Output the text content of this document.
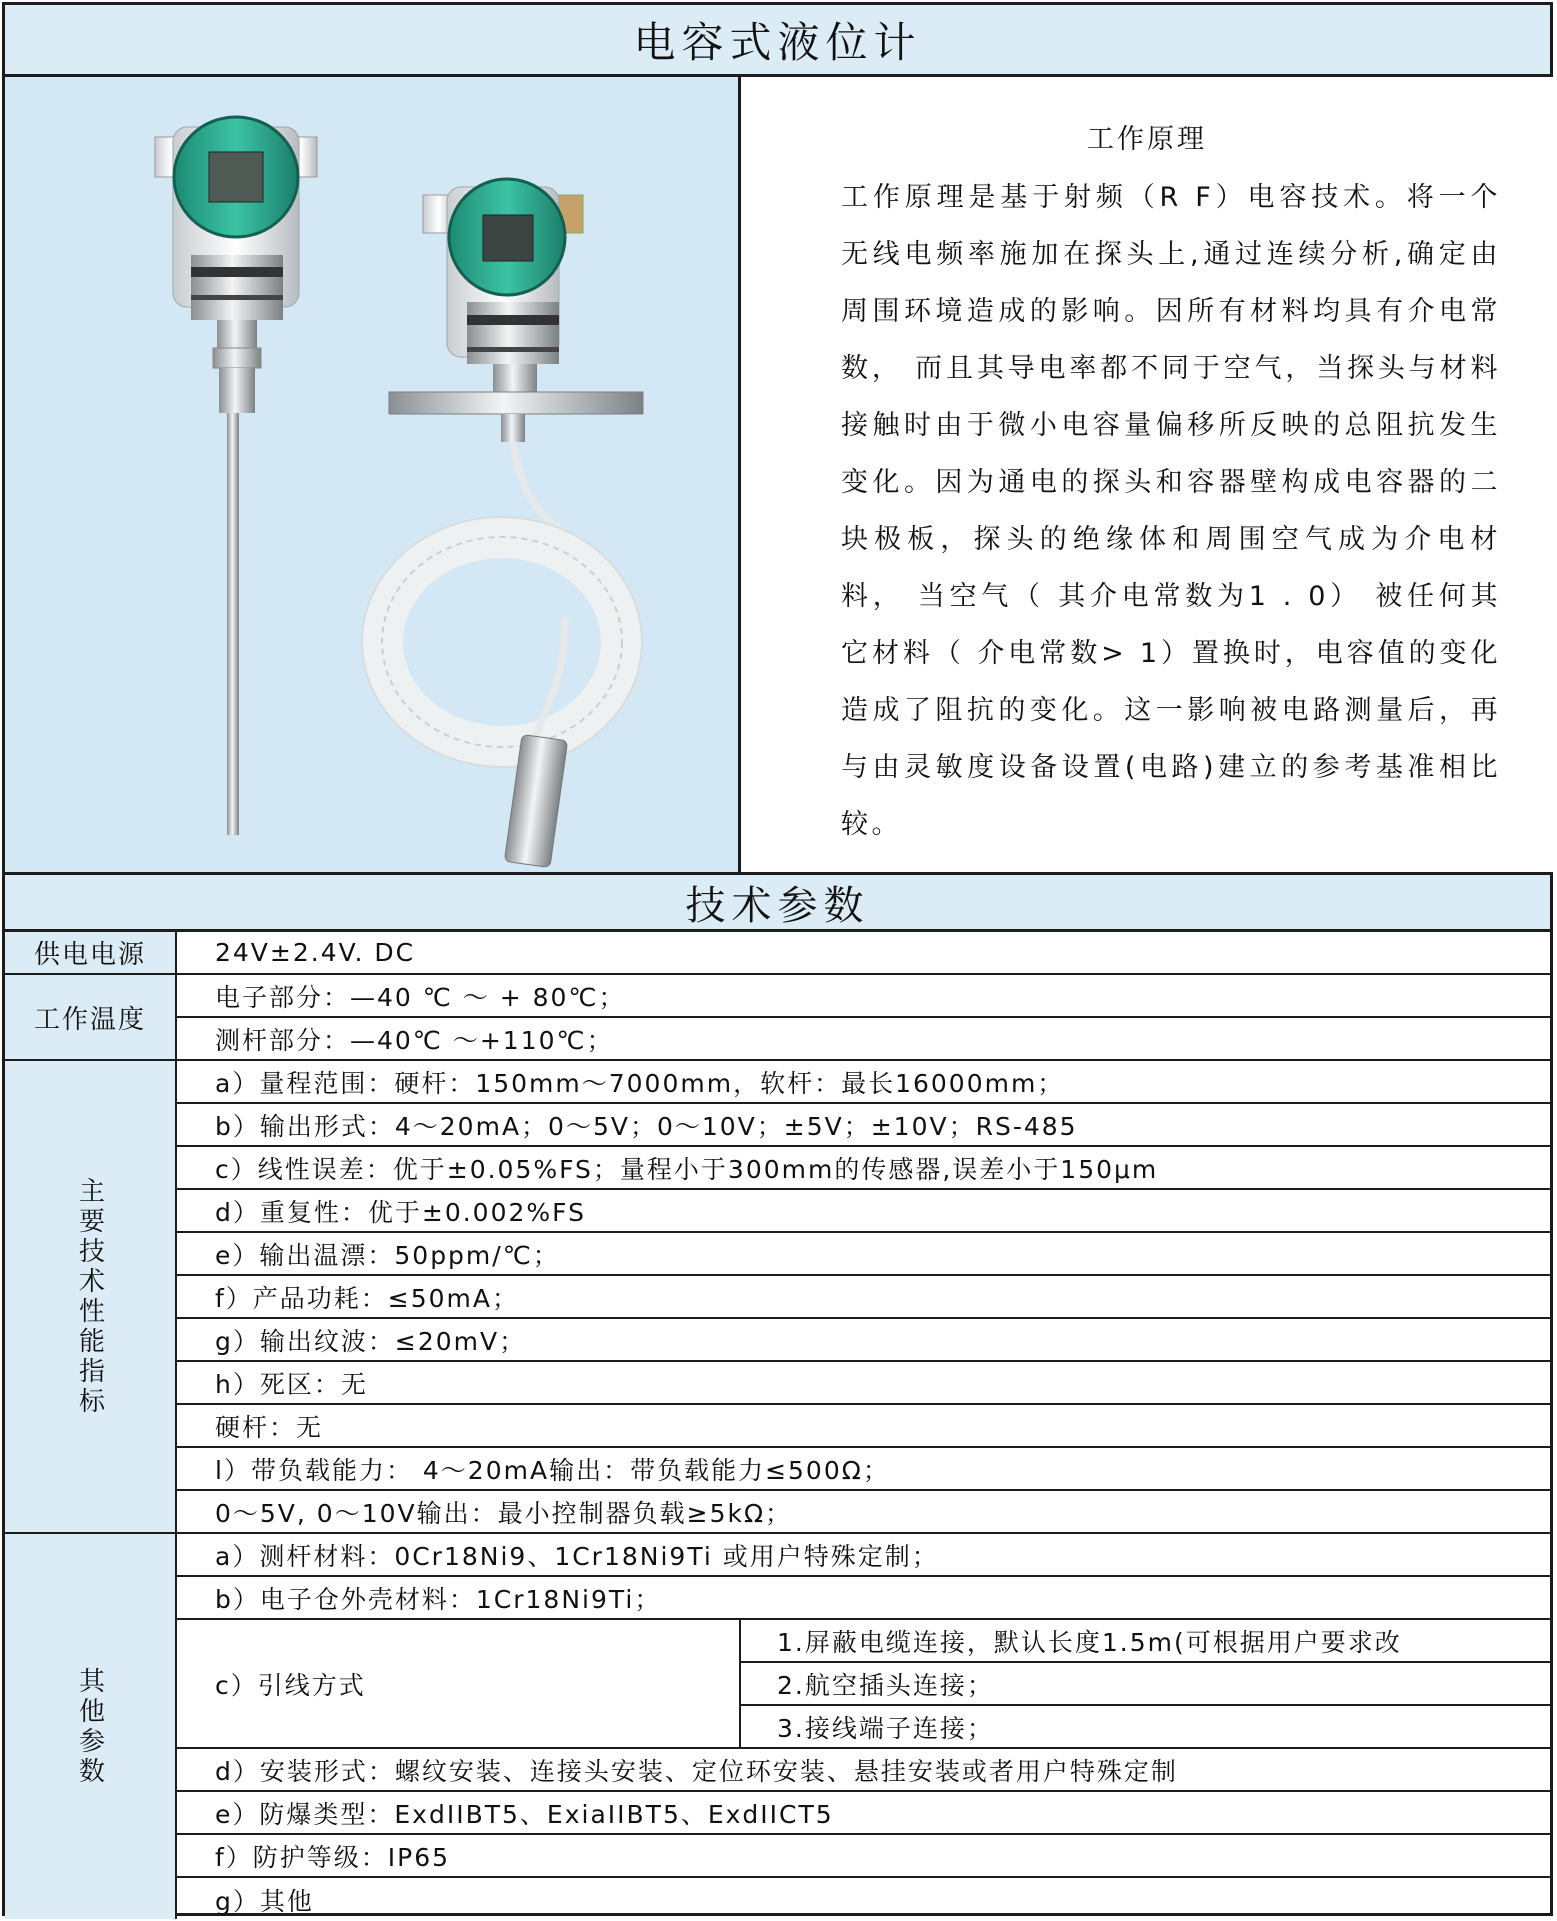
电容式液位计
工作原理
工作原理是基于射频（R F）电容技术。将一个无线电频率施加在探头上,通过连续分析,确定由周围环境造成的影响。因所有材料均具有介电常数， 而且其导电率都不同于空气，当探头与材料接触时由于微小电容量偏移所反映的总阻抗发生变化。因为通电的探头和容器壁构成电容器的二块极板，探头的绝缘体和周围空气成为介电材料， 当空气（ 其介电常数为1 . 0） 被任何其它材料（ 介电常数> 1）置换时，电容值的变化造成了阻抗的变化。这一影响被电路测量后，再与由灵敏度设备设置(电路)建立的参考基准相比较。
技术参数
供电电源	24V±2.4V. DC
工作温度
电子部分：—40 ℃ ～ + 80℃；
测杆部分：—40℃ ～+110℃；
主要技术性能指标
a）量程范围：硬杆：150mm～7000mm，软杆：最长16000mm；
b）输出形式：4～20mA；0～5V；0～10V；±5V；±10V；RS-485
c）线性误差：优于±0.05%FS；量程小于300mm的传感器,误差小于150μm
d）重复性：优于±0.002%FS
e）输出温漂：50ppm/℃；
f）产品功耗：≤50mA；
g）输出纹波：≤20mV；
h）死区：无
硬杆：无
l）带负载能力： 4～20mA输出：带负载能力≤500Ω；
0～5V, 0～10V输出：最小控制器负载≥5kΩ；
其他参数
a）测杆材料：0Cr18Ni9、1Cr18Ni9Ti 或用户特殊定制；
b）电子仓外壳材料：1Cr18Ni9Ti；
c）引线方式
1.屏蔽电缆连接，默认长度1.5m(可根据用户要求改
2.航空插头连接；
3.接线端子连接；
d）安装形式：螺纹安装、连接头安装、定位环安装、悬挂安装或者用户特殊定制
e）防爆类型：ExdIIBT5、ExiaIIBT5、ExdIICT5
f）防护等级：IP65
g）其他
